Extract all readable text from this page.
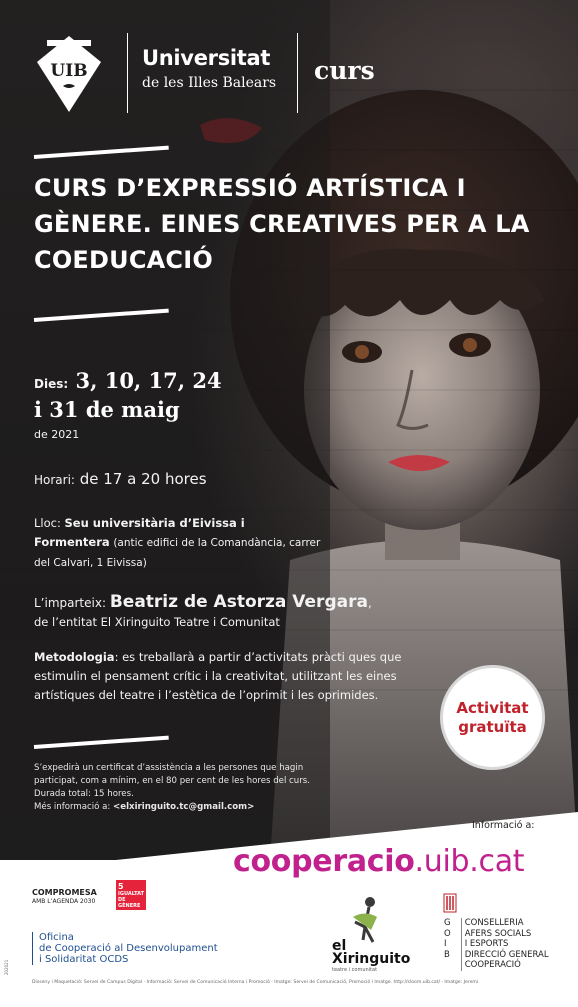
UIB
Universitat
de les Illes Balears curs
CURS D’EXPRESSIÓ ARTÍSTICA I GÈNERE. EINES CREATIVES PER A LA COEDUCACIÓ
Dies: 3, 10, 17, 24
i 31 de maig
de 2021
Horari: de 17 a 20 hores
Lloc: Seu universitària d’Eivissa i Formentera (antic edifici de la Comandància, carrer del Calvari, 1 Eivissa)
L’imparteix: Beatriz de Astorza Vergara,
de l’entitat El Xiringuito Teatre i Comunitat
Metodologia: es treballarà a partir d’activitats pràcti ques que estimulin el pensament crític i la creativitat, utilitzant les eines artístiques del teatre i l’estètica de l’oprimit i les oprimides.
Activitat
gratuïta
S’expedirà un certificat d’assistència a les persones que hagin participat, com a mínim, en el 80 per cent de les hores del curs.
Durada total: 15 hores.
Més informació a: <elxiringuito.tc@gmail.com>
Informació a:
cooperacio.uib.cat
COMPROMESA
AMB L’AGENDA 2030
5
IGUALTAT DE GÈNERE
Oficina
de Cooperació al Desenvolupament
i Solidaritat OCDS
el
Xiringuito
teatre i comunitat
G
O
I
B

CONSELLERIA
AFERS SOCIALS
I ESPORTS
DIRECCIÓ GENERAL
COOPERACIÓ
Disseny i Maquetació: Servei de Campus Digital · Informació: Servei de Comunicació Interna i Promoció · Imatge: Servei de Comunicació, Promoció i Imatge. http://sloom.uib.cat/ · Imatge: Jeremi
202021
